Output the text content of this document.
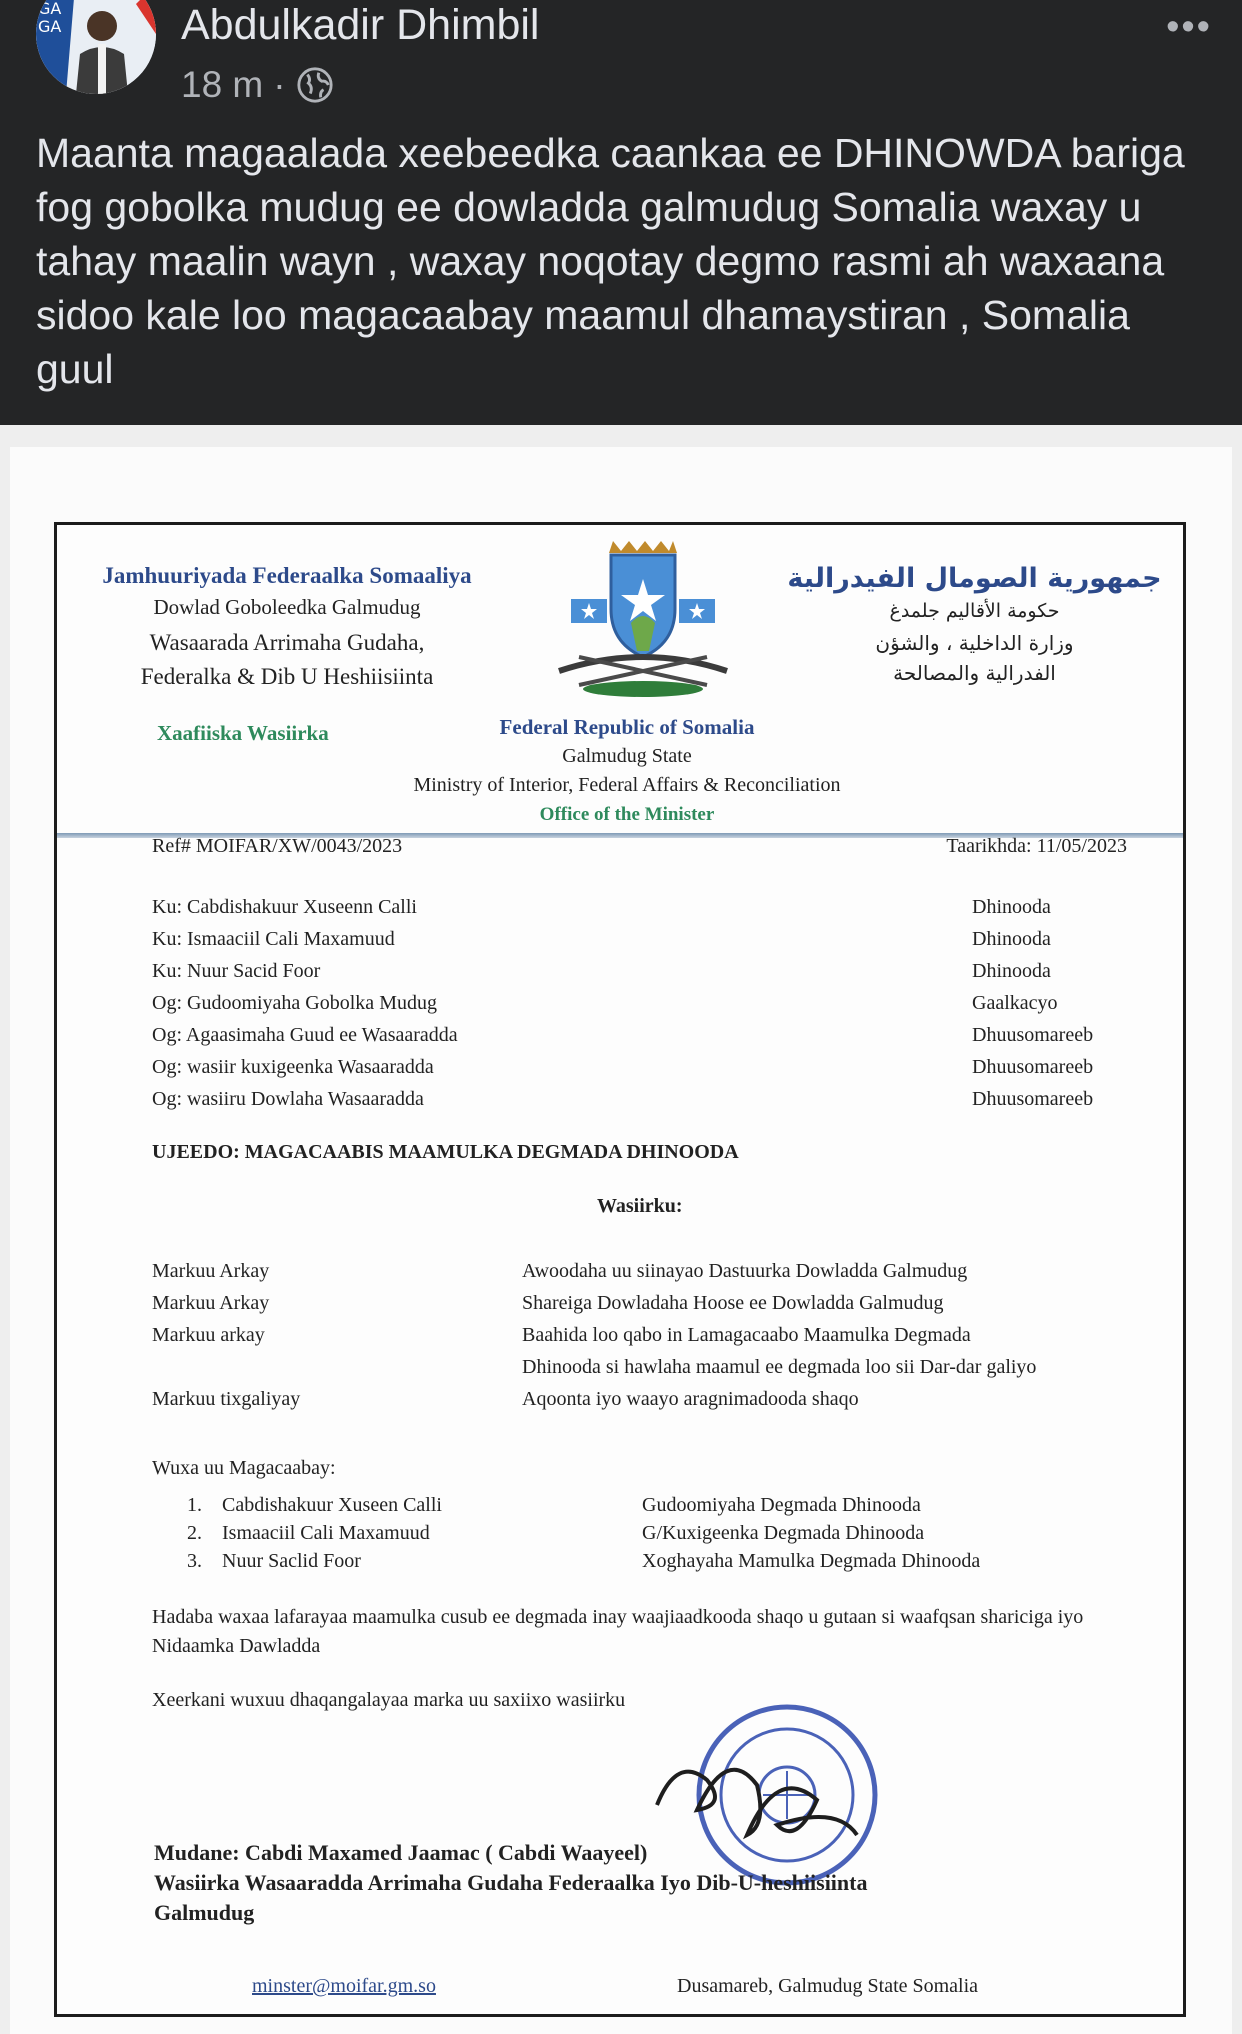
GA
GA	Abdulkadir Dhimbil
18 m ·
•••
Maanta magaalada xeebeedka caankaa ee DHINOWDA bariga fog gobolka mudug ee dowladda galmudug Somalia waxay u tahay maalin wayn , waxay noqotay degmo rasmi ah waxaana sidoo kale loo magacaabay maamul dhamaystiran , Somalia guul
Jamhuuriyada Federaalka Somaaliya
Dowlad Goboleedka Galmudug
Wasaarada Arrimaha Gudaha,
Federalka & Dib U Heshiisiinta
Xaafiiska Wasiirka
جمهورية الصومال الفيدرالية
حكومة الأقاليم جلمدغ
وزارة الداخلية ، والشؤن
الفدرالية والمصالحة
Federal Republic of Somalia
Galmudug State
Ministry of Interior, Federal Affairs & Reconciliation
Office of the Minister
Ref# MOIFAR/XW/0043/2023	Taarikhda: 11/05/2023
Ku: Cabdishakuur Xuseenn Calli	Dhinooda
Ku: Ismaaciil Cali Maxamuud	Dhinooda
Ku: Nuur Sacid Foor	Dhinooda
Og: Gudoomiyaha Gobolka Mudug	Gaalkacyo
Og: Agaasimaha Guud ee Wasaaradda	Dhuusomareeb
Og: wasiir kuxigeenka Wasaaradda	Dhuusomareeb
Og: wasiiru Dowlaha Wasaaradda	Dhuusomareeb
UJEEDO: MAGACAABIS MAAMULKA DEGMADA DHINOODA
Wasiirku:
Markuu Arkay	Awoodaha uu siinayao Dastuurka Dowladda Galmudug
Markuu Arkay	Shareiga Dowladaha Hoose ee Dowladda Galmudug
Markuu arkay	Baahida loo qabo in Lamagacaabo Maamulka Degmada
Dhinooda si hawlaha maamul ee degmada loo sii Dar-dar galiyo
Markuu tixgaliyay	Aqoonta iyo waayo aragnimadooda shaqo
Wuxa uu Magacaabay:
1.	Cabdishakuur Xuseen Calli	Gudoomiyaha Degmada Dhinooda
2.	Ismaaciil Cali Maxamuud	G/Kuxigeenka Degmada Dhinooda
3.	Nuur Saclid Foor	Xoghayaha Mamulka Degmada Dhinooda
Hadaba waxaa lafarayaa maamulka cusub ee degmada inay waajiaadkooda shaqo u gutaan si waafqsan shariciga iyo Nidaamka Dawladda
Xeerkani wuxuu dhaqangalayaa marka uu saxiixo wasiirku
Mudane: Cabdi Maxamed Jaamac ( Cabdi Waayeel)
Wasiirka Wasaaradda Arrimaha Gudaha Federaalka Iyo Dib-U-heshiisiinta
Galmudug
minster@moifar.gm.so	Dusamareb, Galmudug State Somalia
